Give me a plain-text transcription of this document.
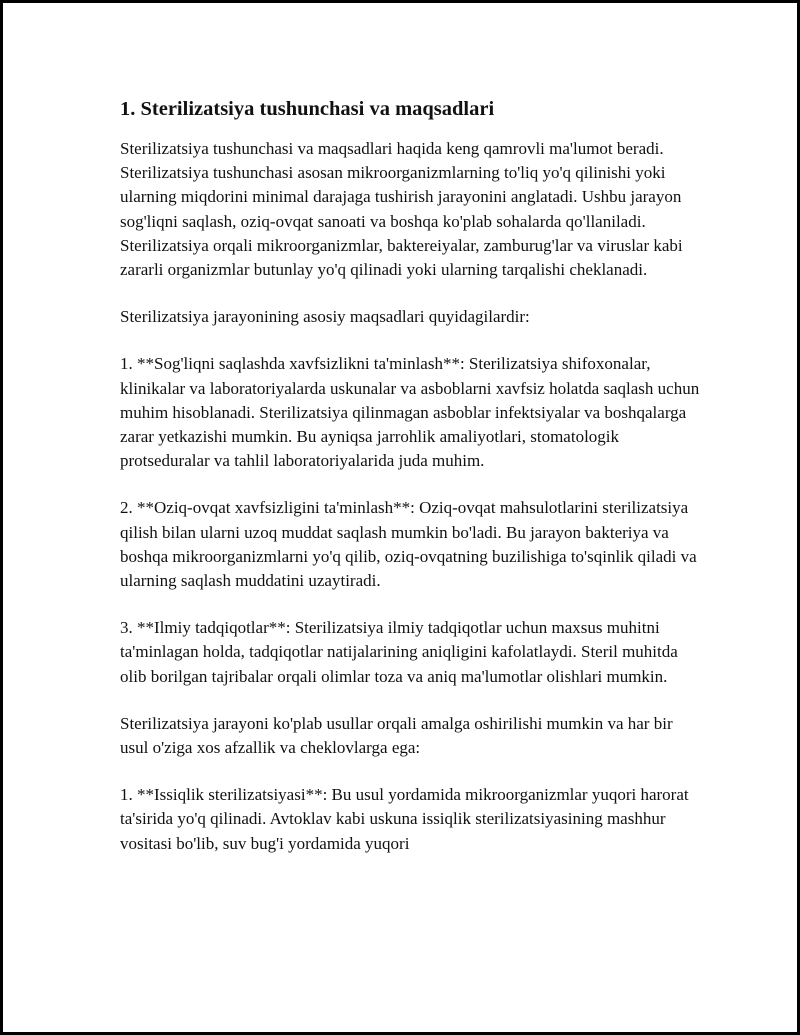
1. Sterilizatsiya tushunchasi va maqsadlari

Sterilizatsiya tushunchasi va maqsadlari haqida keng qamrovli ma'lumot beradi. Sterilizatsiya tushunchasi asosan mikroorganizmlarning to'liq yo'q qilinishi yoki ularning miqdorini minimal darajaga tushirish jarayonini anglatadi. Ushbu jarayon sog'liqni saqlash, oziq-ovqat sanoati va boshqa ko'plab sohalarda qo'llaniladi. Sterilizatsiya orqali mikroorganizmlar, baktereiyalar, zamburug'lar va viruslar kabi zararli organizmlar butunlay yo'q qilinadi yoki ularning tarqalishi cheklanadi.

Sterilizatsiya jarayonining asosiy maqsadlari quyidagilardir:

1. **Sog'liqni saqlashda xavfsizlikni ta'minlash**: Sterilizatsiya shifoxonalar, klinikalar va laboratoriyalarda uskunalar va asboblarni xavfsiz holatda saqlash uchun muhim hisoblanadi. Sterilizatsiya qilinmagan asboblar infektsiyalar va boshqalarga zarar yetkazishi mumkin. Bu ayniqsa jarrohlik amaliyotlari, stomatologik protseduralar va tahlil laboratoriyalarida juda muhim.

2. **Oziq-ovqat xavfsizligini ta'minlash**: Oziq-ovqat mahsulotlarini sterilizatsiya qilish bilan ularni uzoq muddat saqlash mumkin bo'ladi. Bu jarayon bakteriya va boshqa mikroorganizmlarni yo'q qilib, oziq-ovqatning buzilishiga to'sqinlik qiladi va ularning saqlash muddatini uzaytiradi.

3. **Ilmiy tadqiqotlar**: Sterilizatsiya ilmiy tadqiqotlar uchun maxsus muhitni ta'minlagan holda, tadqiqotlar natijalarining aniqligini kafolatlaydi. Steril muhitda olib borilgan tajribalar orqali olimlar toza va aniq ma'lumotlar olishlari mumkin.

Sterilizatsiya jarayoni ko'plab usullar orqali amalga oshirilishi mumkin va har bir usul o'ziga xos afzallik va cheklovlarga ega:

1. **Issiqlik sterilizatsiyasi**: Bu usul yordamida mikroorganizmlar yuqori harorat ta'sirida yo'q qilinadi. Avtoklav kabi uskuna issiqlik sterilizatsiyasining mashhur vositasi bo'lib, suv bug'i yordamida yuqori
